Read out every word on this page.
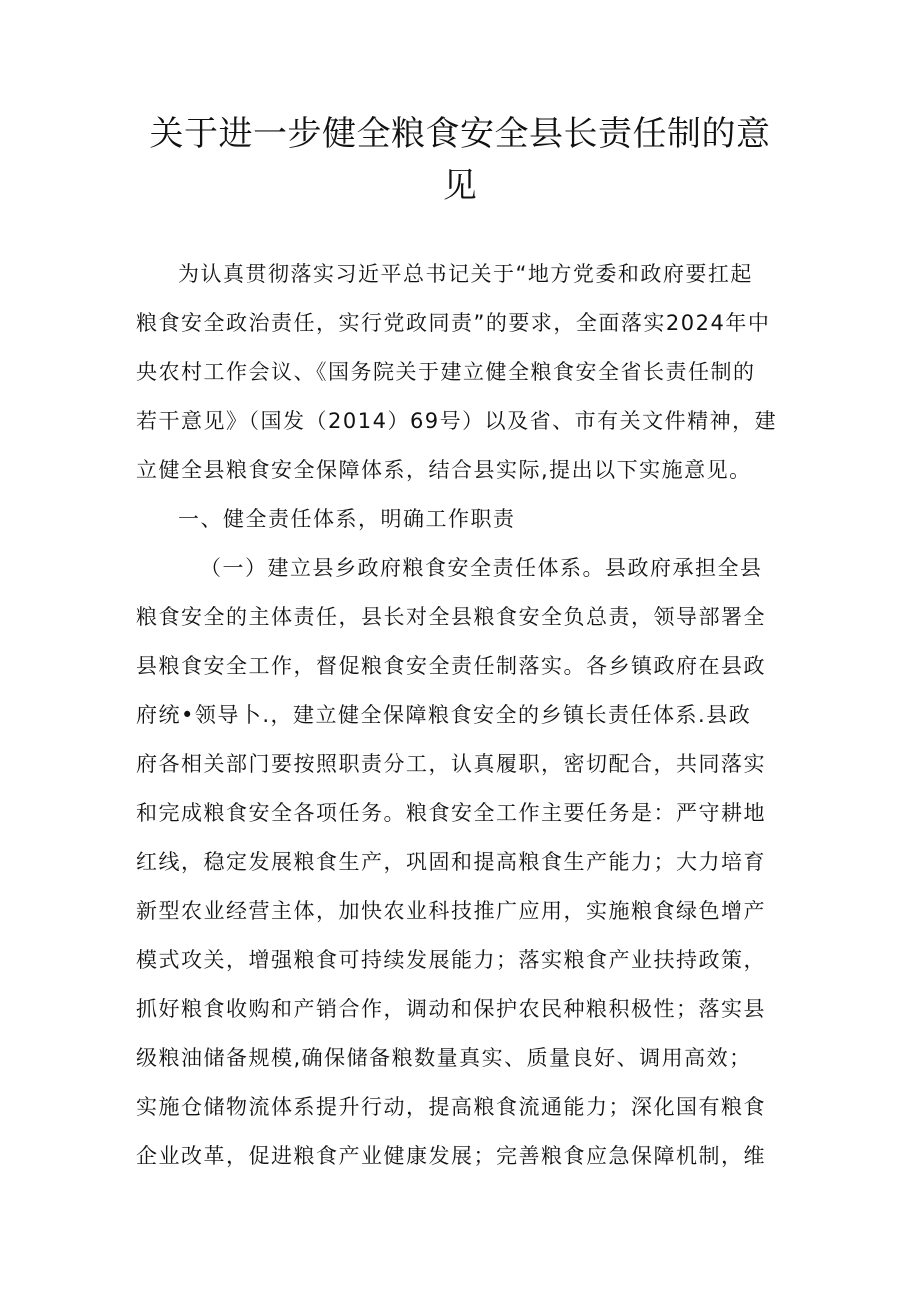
关于进一步健全粮食安全县长责任制的意
见
为认真贯彻落实习近平总书记关于“地方党委和政府要扛起
粮食安全政治责任，实行党政同责”的要求，全面落实2024年中
央农村工作会议、《国务院关于建立健全粮食安全省长责任制的
若干意见》（国发（2014）69号）以及省、市有关文件精神，建
立健全县粮食安全保障体系，结合县实际,提出以下实施意见。
一、健全责任体系，明确工作职责
（一）建立县乡政府粮食安全责任体系。县政府承担全县
粮食安全的主体责任，县长对全县粮食安全负总责，领导部署全
县粮食安全工作，督促粮食安全责任制落实。各乡镇政府在县政
府统•领导卜.，建立健全保障粮食安全的乡镇长责任体系.县政
府各相关部门要按照职责分工，认真履职，密切配合，共同落实
和完成粮食安全各项任务。粮食安全工作主要任务是：严守耕地
红线，稳定发展粮食生产，巩固和提高粮食生产能力；大力培育
新型农业经营主体，加快农业科技推广应用，实施粮食绿色增产
模式攻关，增强粮食可持续发展能力；落实粮食产业扶持政策，
抓好粮食收购和产销合作，调动和保护农民种粮积极性；落实县
级粮油储备规模,确保储备粮数量真实、质量良好、调用高效；
实施仓储物流体系提升行动，提高粮食流通能力；深化国有粮食
企业改革，促进粮食产业健康发展；完善粮食应急保障机制，维
